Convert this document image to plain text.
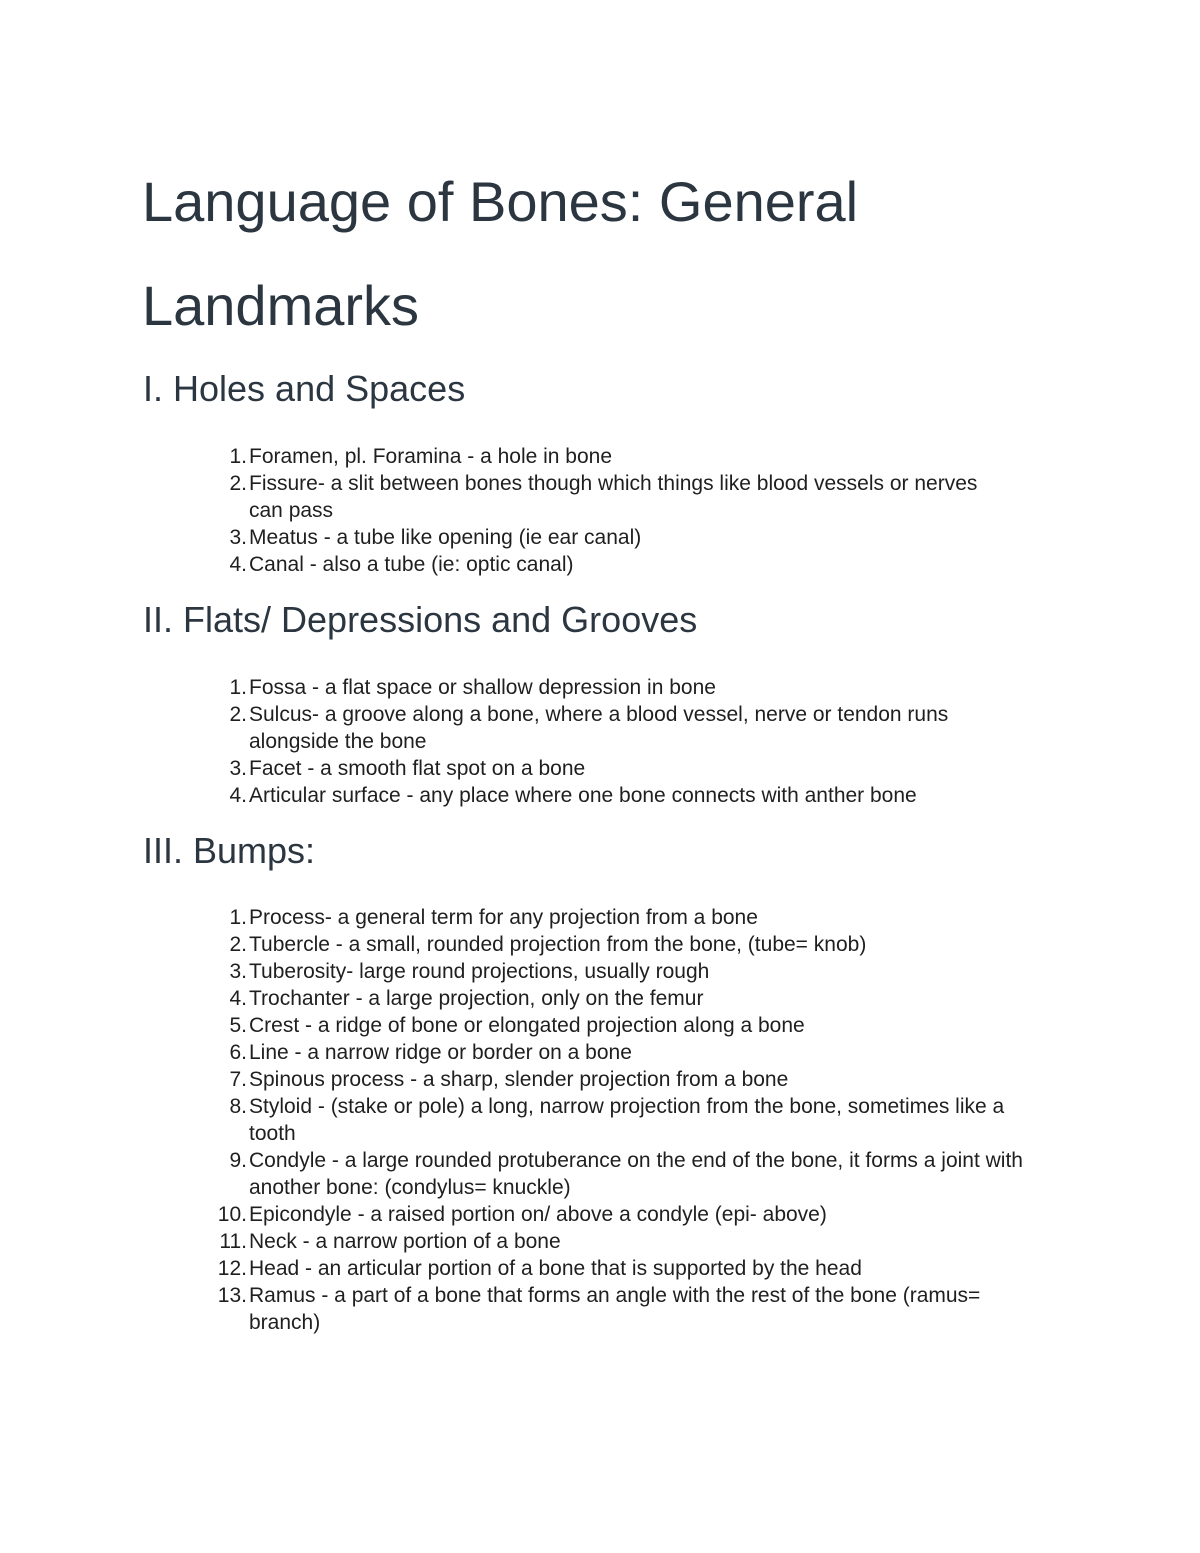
Language of Bones: General Landmarks
I. Holes and Spaces
1. Foramen, pl. Foramina - a hole in bone
2. Fissure- a slit between bones though which things like blood vessels or nerves can pass
3. Meatus - a tube like opening (ie ear canal)
4. Canal - also a tube (ie: optic canal)
II. Flats/ Depressions and Grooves
1. Fossa - a flat space or shallow depression in bone
2. Sulcus- a groove along a bone, where a blood vessel, nerve or tendon runs alongside the bone
3. Facet - a smooth flat spot on a bone
4. Articular surface - any place where one bone connects with anther bone
III. Bumps:
1. Process- a general term for any projection from a bone
2. Tubercle - a small, rounded projection from the bone, (tube= knob)
3. Tuberosity- large round projections, usually rough
4. Trochanter - a large projection, only on the femur
5. Crest - a ridge of bone or elongated projection along a bone
6. Line - a narrow ridge or border on a bone
7. Spinous process - a sharp, slender projection from a bone
8. Styloid - (stake or pole) a long, narrow projection from the bone, sometimes like a tooth
9. Condyle - a large rounded protuberance on the end of the bone, it forms a joint with another bone: (condylus= knuckle)
10. Epicondyle - a raised portion on/ above a condyle (epi- above)
11. Neck - a narrow portion of a bone
12. Head - an articular portion of a bone that is supported by the head
13. Ramus - a part of a bone that forms an angle with the rest of the bone (ramus= branch)
